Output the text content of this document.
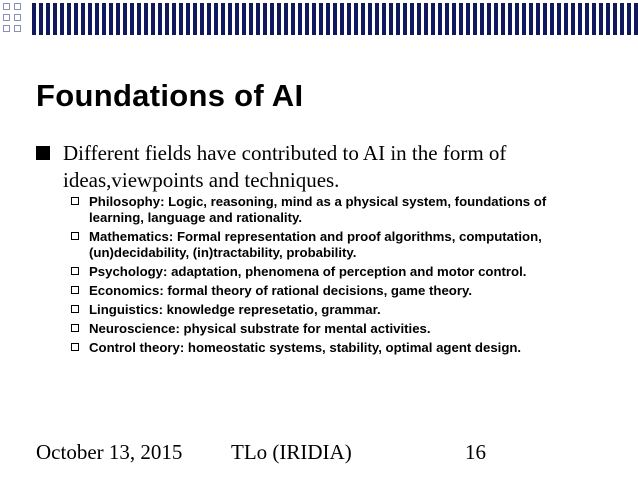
Foundations of AI
Different fields have contributed to AI in the form of ideas,viewpoints and techniques.
Philosophy: Logic, reasoning, mind as a physical system, foundations of learning, language and rationality.
Mathematics: Formal representation and proof algorithms, computation, (un)decidability, (in)tractability, probability.
Psychology: adaptation, phenomena of perception and motor control.
Economics: formal theory of rational decisions, game theory.
Linguistics: knowledge represetatio, grammar.
Neuroscience: physical substrate for mental activities.
Control theory: homeostatic systems, stability, optimal agent design.
October 13, 2015 TLo (IRIDIA)	16
